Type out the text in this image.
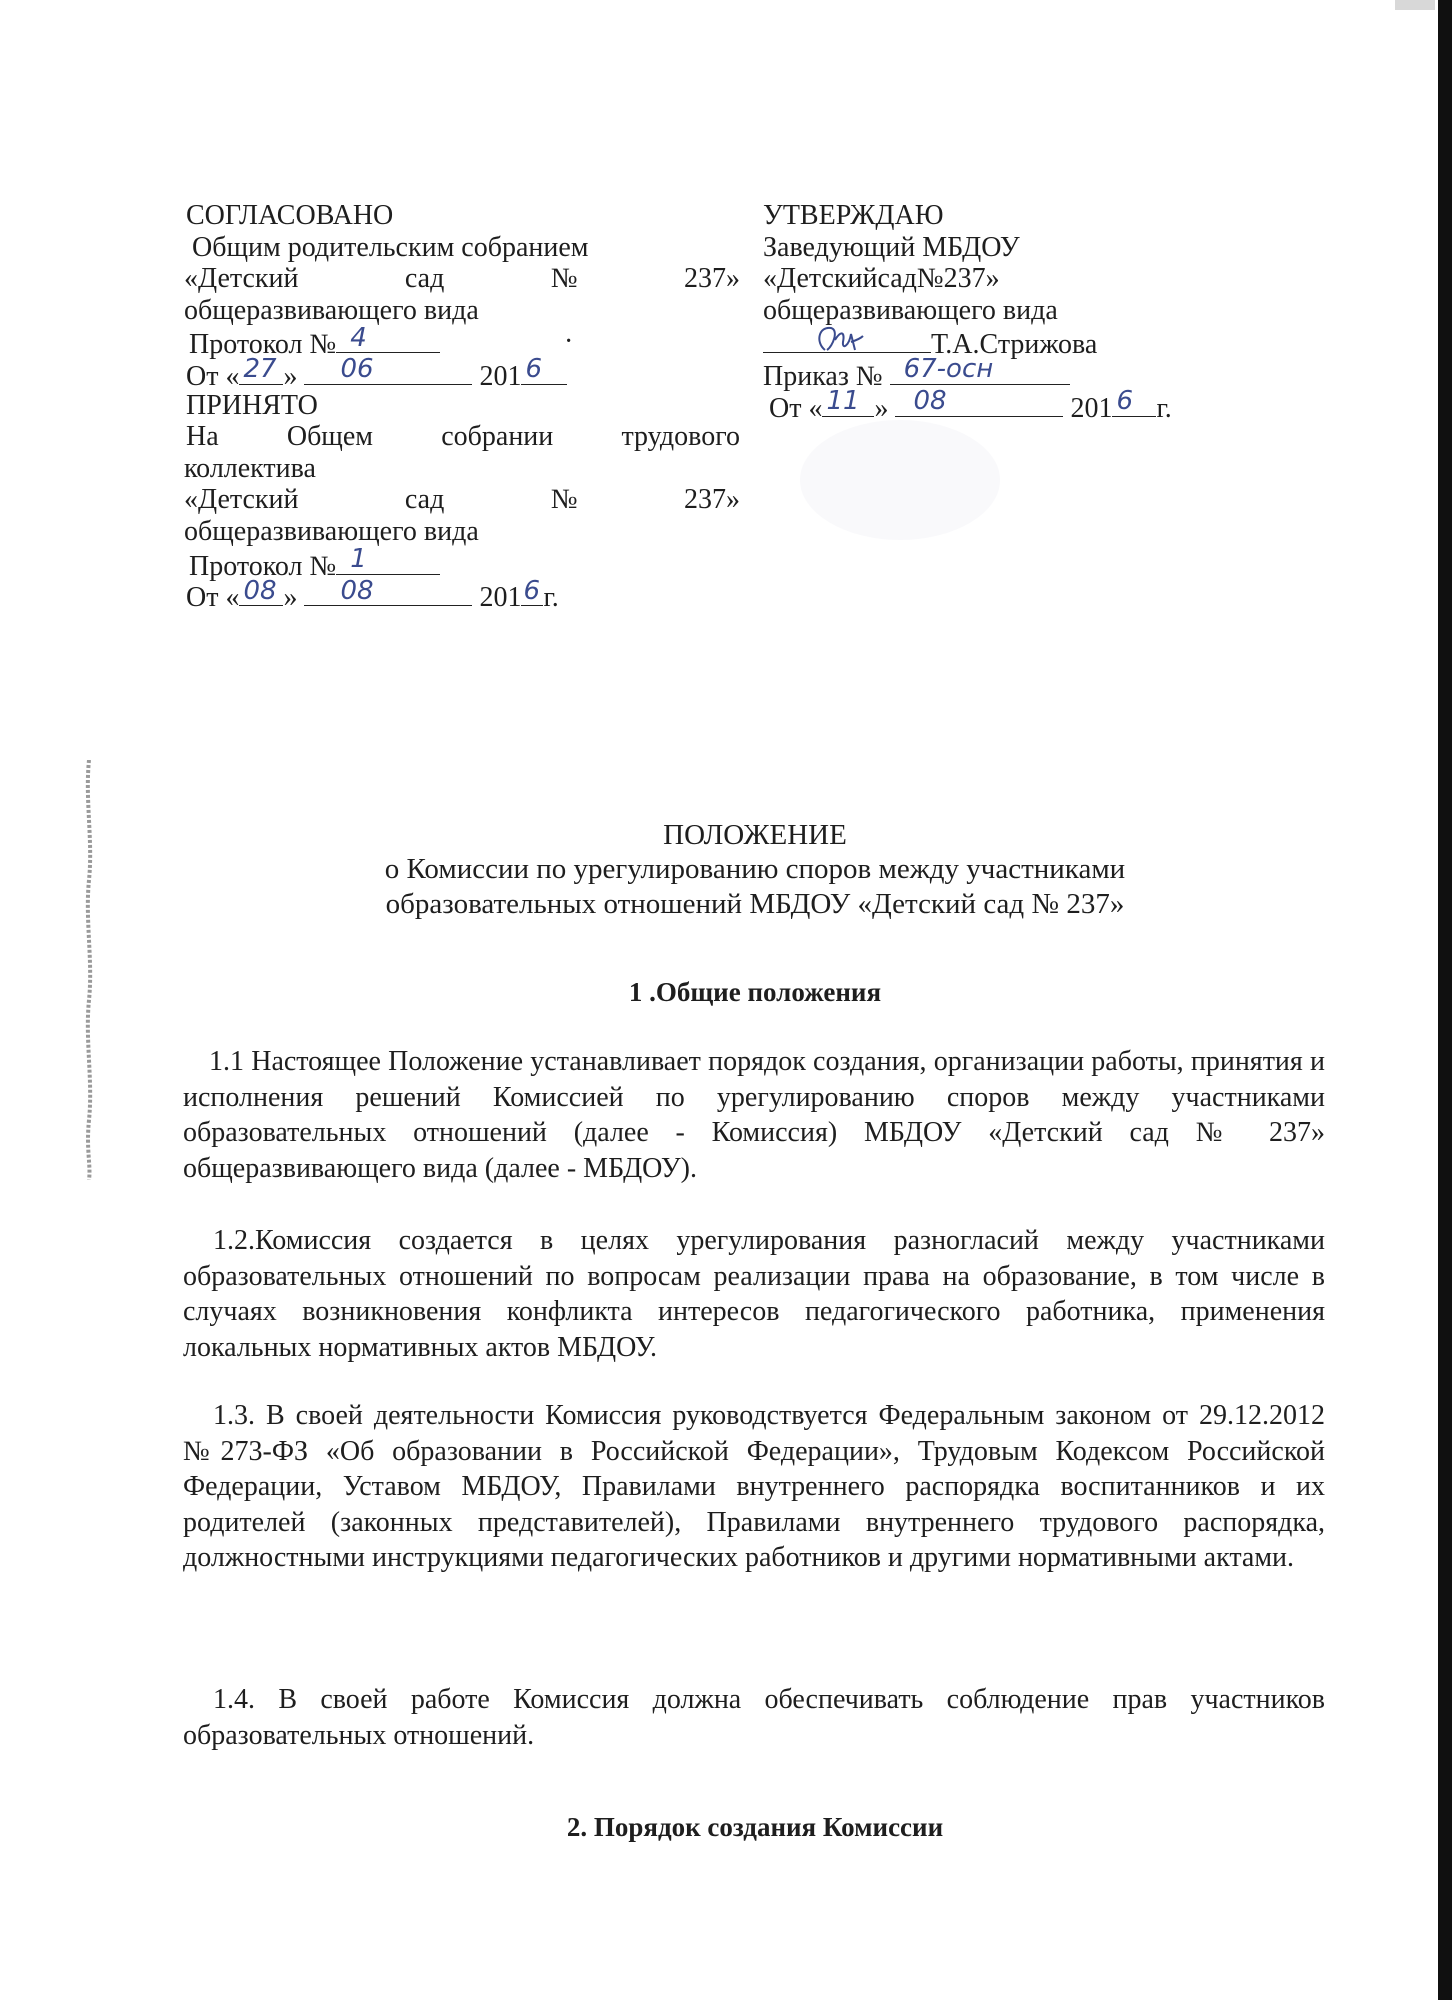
СОГЛАСОВАНО
Общим родительским собранием
«Детский	сад	№	237»
общеразвивающего вида
Протокол № 4	·
От « 27 » 06	201 6
ПРИНЯТО
На Общем собрании трудового
коллектива
«Детский	сад	№	237»
общеразвивающего вида
Протокол № 1
От « 08 » 08	201 6 г.
УТВЕРЖДАЮ
Заведующий МБДОУ
«Детскийсад№237»
общеразвивающего вида
Т.А.Стрижова
Приказ № 67-осн
От « 11 » 08	201 6 г.
ПОЛОЖЕНИЕ
о Комиссии по урегулированию споров между участниками
образовательных отношений МБДОУ «Детский сад № 237»
1 .Общие положения
1.1 Настоящее Положение устанавливает порядок создания, организации работы, принятия и исполнения решений Комиссией по урегулированию споров между участниками образовательных отношений (далее - Комиссия) МБДОУ «Детский сад № 237» общеразвивающего вида (далее - МБДОУ).
1.2.Комиссия создается в целях урегулирования разногласий между участниками образовательных отношений по вопросам реализации права на образование, в том числе в случаях возникновения конфликта интересов педагогического работника, применения локальных нормативных актов МБДОУ.
1.3. В своей деятельности Комиссия руководствуется Федеральным законом от 29.12.2012 №273-ФЗ «Об образовании в Российской Федерации», Трудовым Кодексом Российской Федерации, Уставом МБДОУ, Правилами внутреннего распорядка воспитанников и их родителей (законных представителей), Правилами внутреннего трудового распорядка, должностными инструкциями педагогических работников и другими нормативными актами.
1.4. В своей работе Комиссия должна обеспечивать соблюдение прав участников образовательных отношений.
2. Порядок создания Комиссии
